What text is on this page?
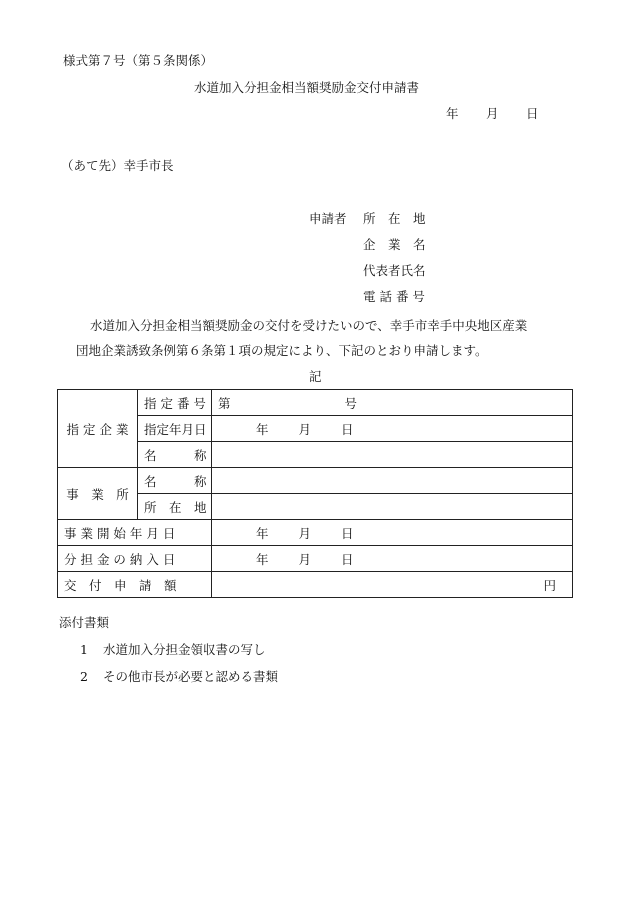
様式第７号（第５条関係）
水道加入分担金相当額奨励金交付申請書
年 月 日
（あて先）幸手市長
申請者 所　在　地
企　業　名
代表者氏名
電 話 番 号
水道加入分担金相当額奨励金の交付を受けたいので、幸手市幸手中央地区産業
団地企業誘致条例第６条第１項の規定により、下記のとおり申請します。
記
指 定 企 業	指 定 番 号	第 号
	指定年月日	年 月 日
	名　　　称	
事　業　所	名　　　称	
	所　在　地	
事 業 開 始 年 月 日		年 月 日
分 担 金 の 納 入 日		年 月 日
交　付　申　請　額		円
添付書類
1 水道加入分担金領収書の写し
2 その他市長が必要と認める書類
